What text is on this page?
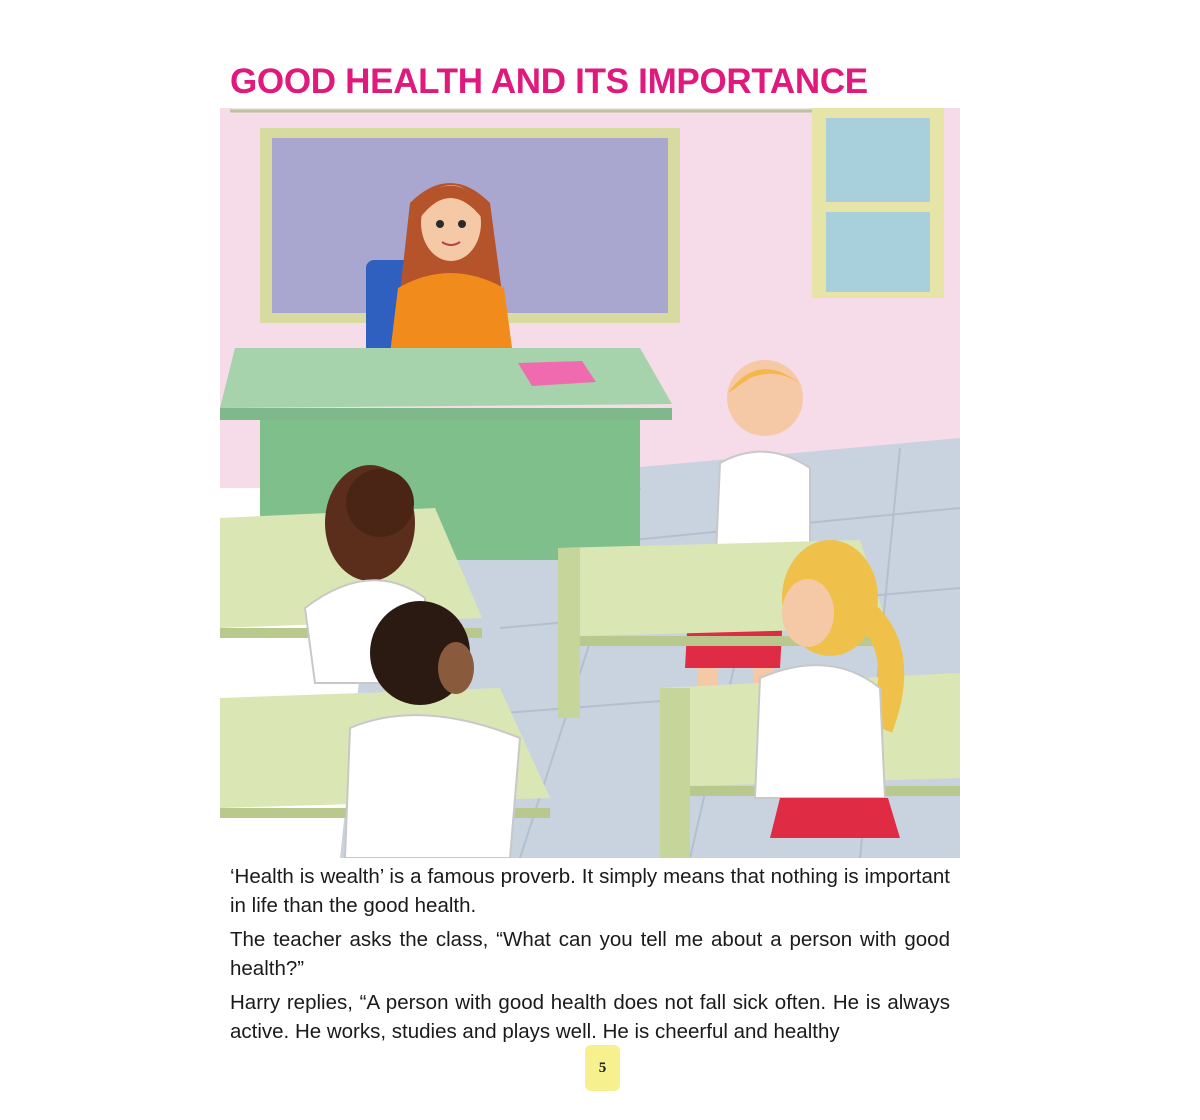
GOOD HEALTH AND ITS IMPORTANCE

‘Health is wealth’ is a famous proverb. It simply means that nothing is important in life than the good health.

The teacher asks the class, “What can you tell me about a person with good health?”

Harry replies, “A person with good health does not fall sick often. He is always active. He works, studies and plays well. He is cheerful and healthy

5
